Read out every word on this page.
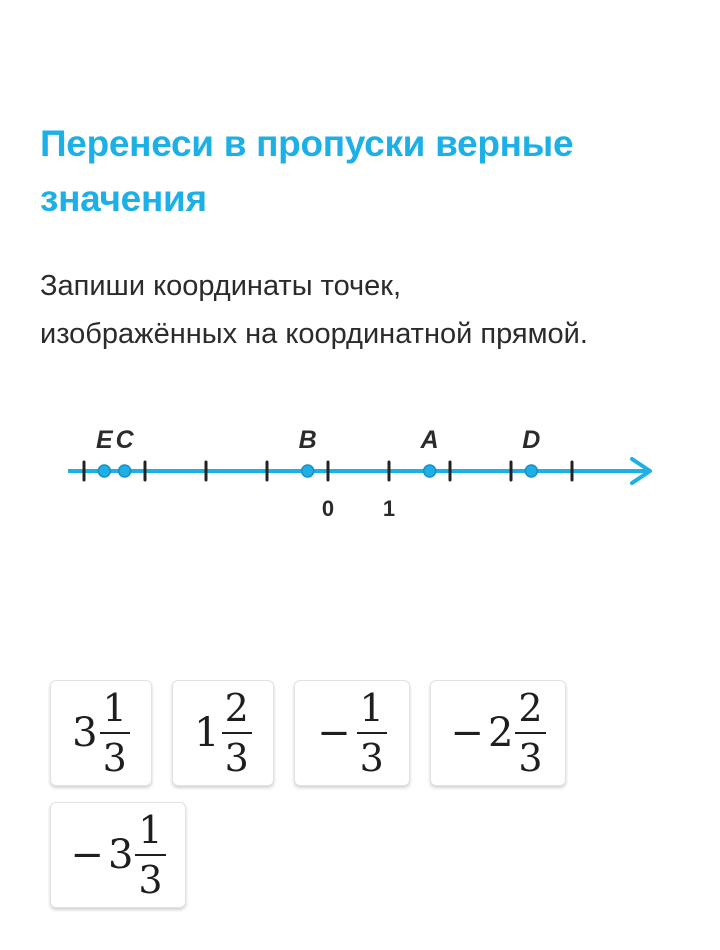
Перенеси в пропуски верные значения
Запиши координаты точек,
изображённых на координатной прямой.
0 1
E C	B	A	D
$3 \frac{1}{3} 1 \frac{2}{3} - \frac{1}{3} - 2 \frac{2}{3}$
− $3 \frac{1}{3}$
